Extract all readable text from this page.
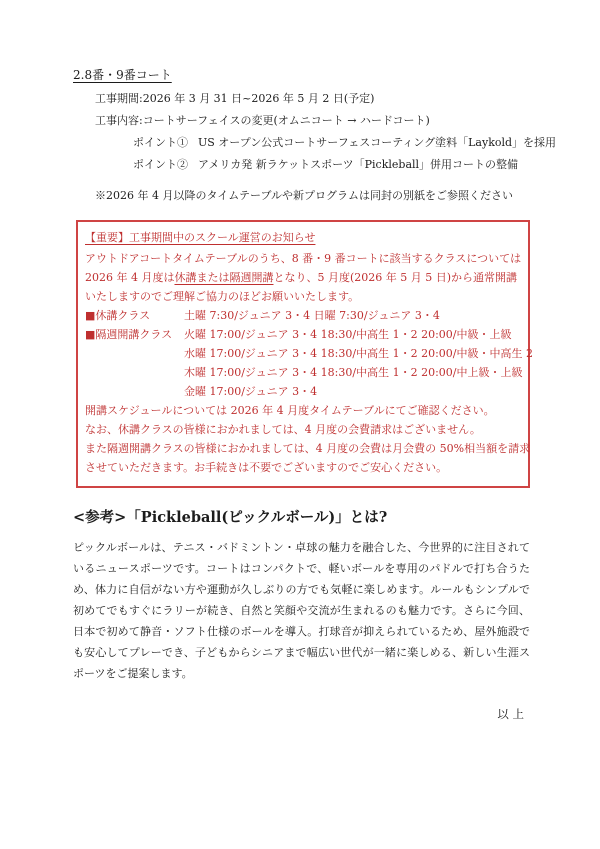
2.8番・9番コート
工事期間:2026 年 3 月 31 日~2026 年 5 月 2 日(予定)
工事内容:コートサーフェイスの変更(オムニコート → ハードコート)
ポイント① US オープン公式コートサーフェスコーティング塗料「Laykold」を採用
ポイント② アメリカ発 新ラケットスポーツ「Pickleball」併用コートの整備
※2026 年 4 月以降のタイムテーブルや新プログラムは同封の別紙をご参照ください
【重要】工事期間中のスクール運営のお知らせ
アウトドアコートタイムテーブルのうち、8 番・9 番コートに該当するクラスについては
2026 年 4 月度は休講または隔週開講となり、5 月度(2026 年 5 月 5 日)から通常開講
いたしますのでご理解ご協力のほどお願いいたします。
■休講クラス	土曜 7:30/ジュニア 3・4 日曜 7:30/ジュニア 3・4
■隔週開講クラス	火曜 17:00/ジュニア 3・4 18:30/中高生 1・2 20:00/中級・上級
水曜 17:00/ジュニア 3・4 18:30/中高生 1・2 20:00/中級・中高生 2
木曜 17:00/ジュニア 3・4 18:30/中高生 1・2 20:00/中上級・上級
金曜 17:00/ジュニア 3・4
開講スケジュールについては 2026 年 4 月度タイムテーブルにてご確認ください。
なお、休講クラスの皆様におかれましては、4 月度の会費請求はございません。
また隔週開講クラスの皆様におかれましては、4 月度の会費は月会費の 50%相当額を請求
させていただきます。お手続きは不要でございますのでご安心ください。
<参考>「Pickleball(ピックルボール)」とは?

ピックルボールは、テニス・バドミントン・卓球の魅力を融合した、今世界的に注目されているニュースポーツです。コートはコンパクトで、軽いボールを専用のパドルで打ち合うため、体力に自信がない方や運動が久しぶりの方でも気軽に楽しめます。ルールもシンプルで初めてでもすぐにラリーが続き、自然と笑顔や交流が生まれるのも魅力です。さらに今回、日本で初めて静音・ソフト仕様のボールを導入。打球音が抑えられているため、屋外施設でも安心してプレーでき、子どもからシニアまで幅広い世代が一緒に楽しめる、新しい生涯スポーツをご提案します。

以 上
